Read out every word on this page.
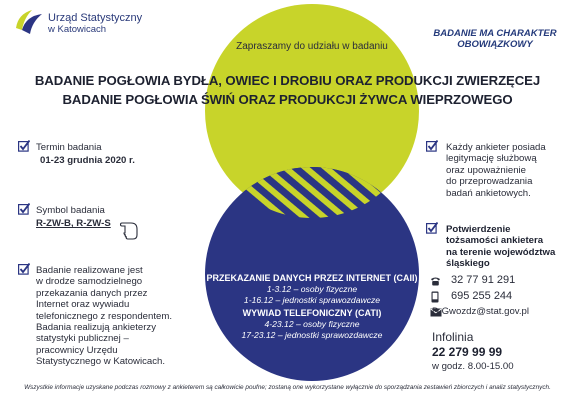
Urząd Statystyczny
w Katowicach	BADANIE MA CHARAKTER
OBOWIĄZKOWY
Zapraszamy do udziału w badaniu
BADANIE POGŁOWIA BYDŁA, OWIEC I DROBIU ORAZ PRODUKCJI ZWIERZĘCEJ
BADANIE POGŁOWIA ŚWIŃ ORAZ PRODUKCJI ŻYWCA WIEPRZOWEGO
Termin badania
01-23 grudnia 2020 r.
Symbol badania
R-ZW-B, R-ZW-S
Badanie realizowane jest
w drodze samodzielnego
przekazania danych przez
Internet oraz wywiadu
telefonicznego z respondentem.
Badania realizują ankieterzy
statystyki publicznej –
pracownicy Urzędu
Statystycznego w Katowicach.
PRZEKAZANIE DANYCH PRZEZ INTERNET (CAII)
1-3.12 – osoby fizyczne
1-16.12 – jednostki sprawozdawcze
WYWIAD TELEFONICZNY (CATI)
4-23.12 – osoby fizyczne
17-23.12 – jednostki sprawozdawcze
Każdy ankieter posiada
legitymację służbową
oraz upoważnienie
do przeprowadzania
badań ankietowych.
Potwierdzenie
tożsamości ankietera
na terenie województwa
śląskiego
32 77 91 291
695 255 244
D.Gwozdz@stat.gov.pl
Infolinia
22 279 99 99
w godz. 8.00-15.00
Wszystkie informacje uzyskane podczas rozmowy z ankieterem są całkowicie poufne; zostaną one wykorzystane wyłącznie do sporządzania zestawień zbiorczych i analiz statystycznych.
